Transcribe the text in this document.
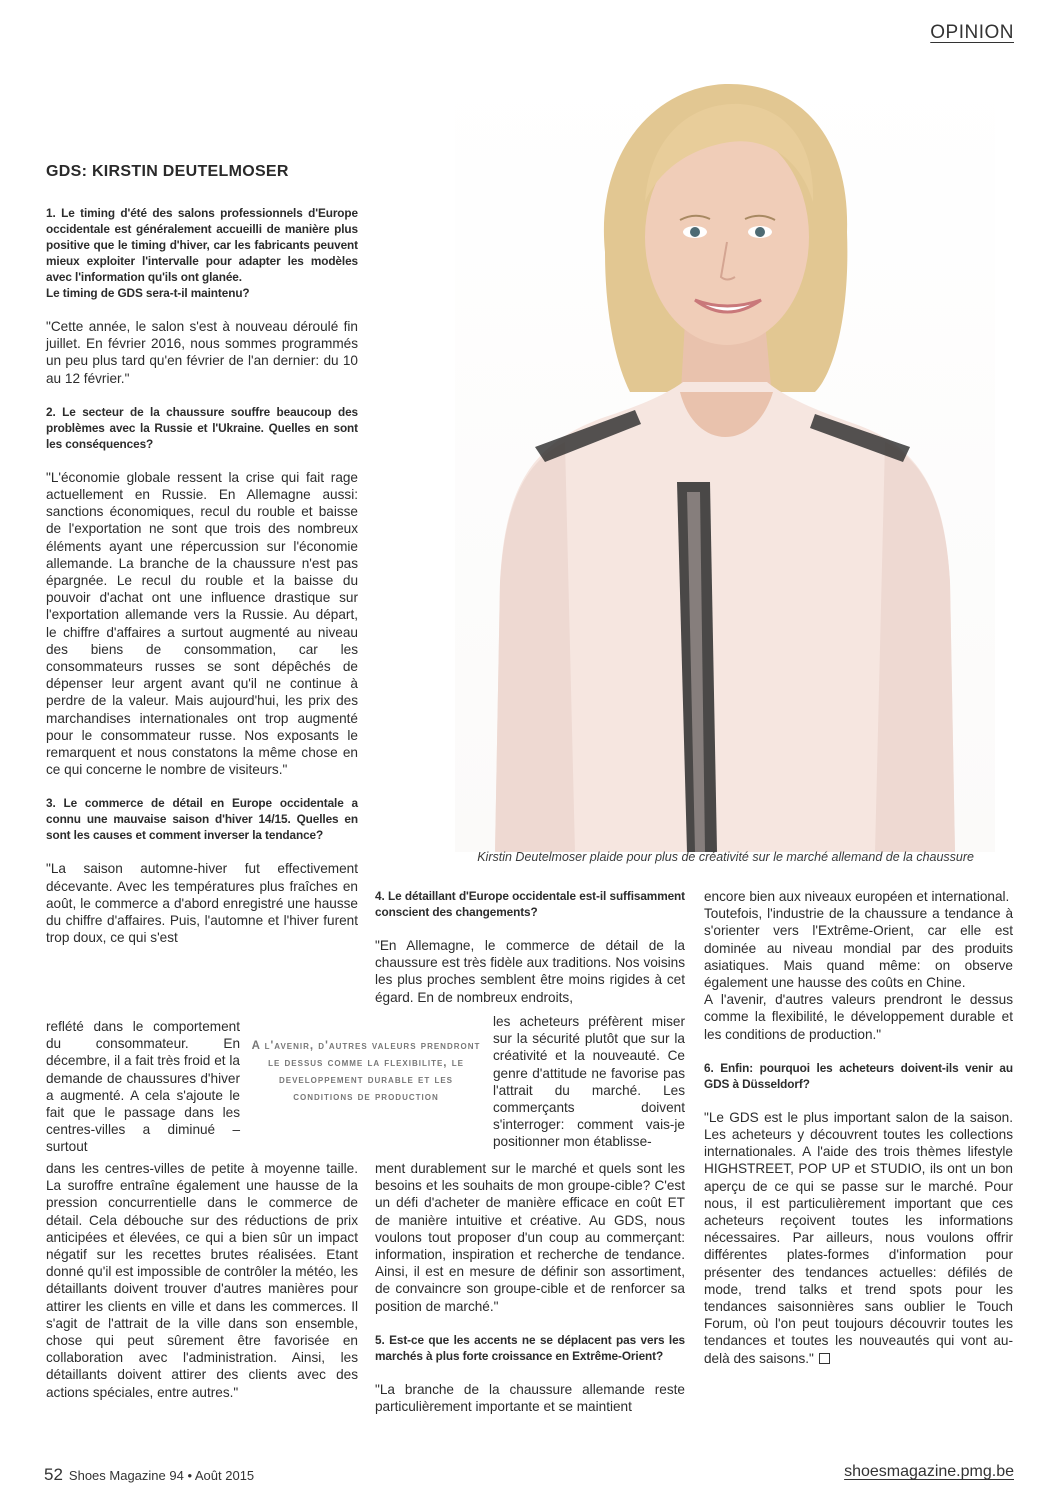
OPINION
Kirstin Deutelmoser plaide pour plus de créativité sur le marché allemand de la chaussure
GDS: KIRSTIN DEUTELMOSER

1. Le timing d'été des salons professionnels d'Europe occidentale est généralement accueilli de manière plus positive que le timing d'hiver, car les fabricants peuvent mieux exploiter l'intervalle pour adapter les modèles avec l'information qu'ils ont glanée.

Le timing de GDS sera-t-il maintenu?

"Cette année, le salon s'est à nouveau déroulé fin juillet. En février 2016, nous sommes programmés un peu plus tard qu'en février de l'an dernier: du 10 au 12 février."

2. Le secteur de la chaussure souffre beaucoup des problèmes avec la Russie et l'Ukraine. Quelles en sont les conséquences?

"L'économie globale ressent la crise qui fait rage actuellement en Russie. En Allemagne aussi: sanctions économiques, recul du rouble et baisse de l'exportation ne sont que trois des nombreux éléments ayant une répercussion sur l'économie allemande. La branche de la chaussure n'est pas épargnée. Le recul du rouble et la baisse du pouvoir d'achat ont une influence drastique sur l'exportation allemande vers la Russie. Au départ, le chiffre d'affaires a surtout augmenté au niveau des biens de consommation, car les consommateurs russes se sont dépêchés de dépenser leur argent avant qu'il ne continue à perdre de la valeur. Mais aujourd'hui, les prix des marchandises internationales ont trop augmenté pour le consommateur russe. Nos exposants le remarquent et nous constatons la même chose en ce qui concerne le nombre de visiteurs."

3. Le commerce de détail en Europe occidentale a connu une mauvaise saison d'hiver 14/15. Quelles en sont les causes et comment inverser la tendance?

"La saison automne-hiver fut effectivement décevante. Avec les températures plus fraîches en août, le commerce a d'abord enregistré une hausse du chiffre d'affaires. Puis, l'automne et l'hiver furent trop doux, ce qui s'est

reflété dans le comportement du consommateur. En décembre, il a fait très froid et la demande de chaussures d'hiver a augmenté. A cela s'ajoute le fait que le passage dans les centres-villes a diminué – surtout

A l'avenir, d'autres valeurs prendront le dessus comme la flexibilite, le developpement durable et les conditions de production

dans les centres-villes de petite à moyenne taille. La suroffre entraîne également une hausse de la pression concurrentielle dans le commerce de détail. Cela débouche sur des réductions de prix anticipées et élevées, ce qui a bien sûr un impact négatif sur les recettes brutes réalisées. Etant donné qu'il est impossible de contrôler la météo, les détaillants doivent trouver d'autres manières pour attirer les clients en ville et dans les commerces. Il s'agit de l'attrait de la ville dans son ensemble, chose qui peut sûrement être favorisée en collaboration avec l'administration. Ainsi, les détaillants doivent attirer des clients avec des actions spéciales, entre autres."

4. Le détaillant d'Europe occidentale est-il suffisamment conscient des changements?

"En Allemagne, le commerce de détail de la chaussure est très fidèle aux traditions. Nos voisins les plus proches semblent être moins rigides à cet égard. En de nombreux endroits,

les acheteurs préfèrent miser sur la sécurité plutôt que sur la créativité et la nouveauté. Ce genre d'attitude ne favorise pas l'attrait du marché. Les commerçants doivent s'interroger: comment vais-je positionner mon établisse-

ment durablement sur le marché et quels sont les besoins et les souhaits de mon groupe-cible? C'est un défi d'acheter de manière efficace en coût ET de manière intuitive et créative. Au GDS, nous voulons tout proposer d'un coup au commerçant: information, inspiration et recherche de tendance. Ainsi, il est en mesure de définir son assortiment, de convaincre son groupe-cible et de renforcer sa position de marché."

5. Est-ce que les accents ne se déplacent pas vers les marchés à plus forte croissance en Extrême-Orient?

"La branche de la chaussure allemande reste particulièrement importante et se maintient

encore bien aux niveaux européen et international.

Toutefois, l'industrie de la chaussure a tendance à s'orienter vers l'Extrême-Orient, car elle est dominée au niveau mondial par des produits asiatiques. Mais quand même: on observe également une hausse des coûts en Chine.

A l'avenir, d'autres valeurs prendront le dessus comme la flexibilité, le développement durable et les conditions de production."

6. Enfin: pourquoi les acheteurs doivent-ils venir au GDS à Düsseldorf?

"Le GDS est le plus important salon de la saison. Les acheteurs y découvrent toutes les collections internationales. A l'aide des trois thèmes lifestyle HIGHSTREET, POP UP et STUDIO, ils ont un bon aperçu de ce qui se passe sur le marché. Pour nous, il est particulièrement important que ces acheteurs reçoivent toutes les informations nécessaires. Par ailleurs, nous voulons offrir différentes plates-formes d'information pour présenter des tendances actuelles: défilés de mode, trend talks et trend spots pour les tendances saisonnières sans oublier le Touch Forum, où l'on peut toujours découvrir toutes les tendances et toutes les nouveautés qui vont au-delà des saisons."

52 Shoes Magazine 94 • Août 2015	shoesmagazine.pmg.be
